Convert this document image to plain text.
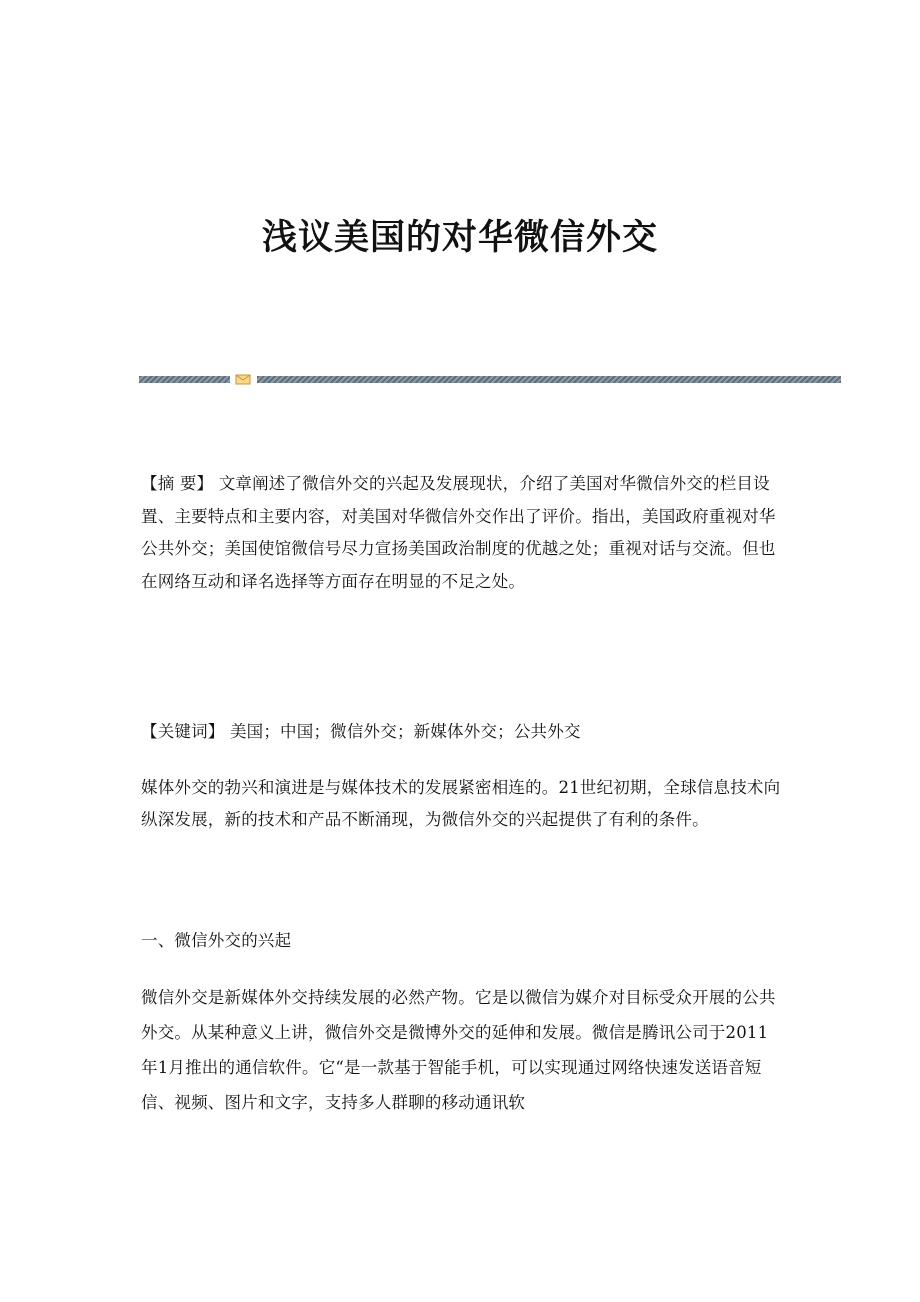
浅议美国的对华微信外交

【摘 要】 文章阐述了微信外交的兴起及发展现状，介绍了美国对华微信外交的栏目设置、主要特点和主要内容，对美国对华微信外交作出了评价。指出，美国政府重视对华公共外交；美国使馆微信号尽力宣扬美国政治制度的优越之处；重视对话与交流。但也在网络互动和译名选择等方面存在明显的不足之处。

【关键词】 美国；中国；微信外交；新媒体外交；公共外交

媒体外交的勃兴和演进是与媒体技术的发展紧密相连的。21世纪初期，全球信息技术向纵深发展，新的技术和产品不断涌现，为微信外交的兴起提供了有利的条件。

一、微信外交的兴起

微信外交是新媒体外交持续发展的必然产物。它是以微信为媒介对目标受众开展的公共外交。从某种意义上讲，微信外交是微博外交的延伸和发展。微信是腾讯公司于2011年1月推出的通信软件。它“是一款基于智能手机，可以实现通过网络快速发送语音短信、视频、图片和文字，支持多人群聊的移动通讯软
